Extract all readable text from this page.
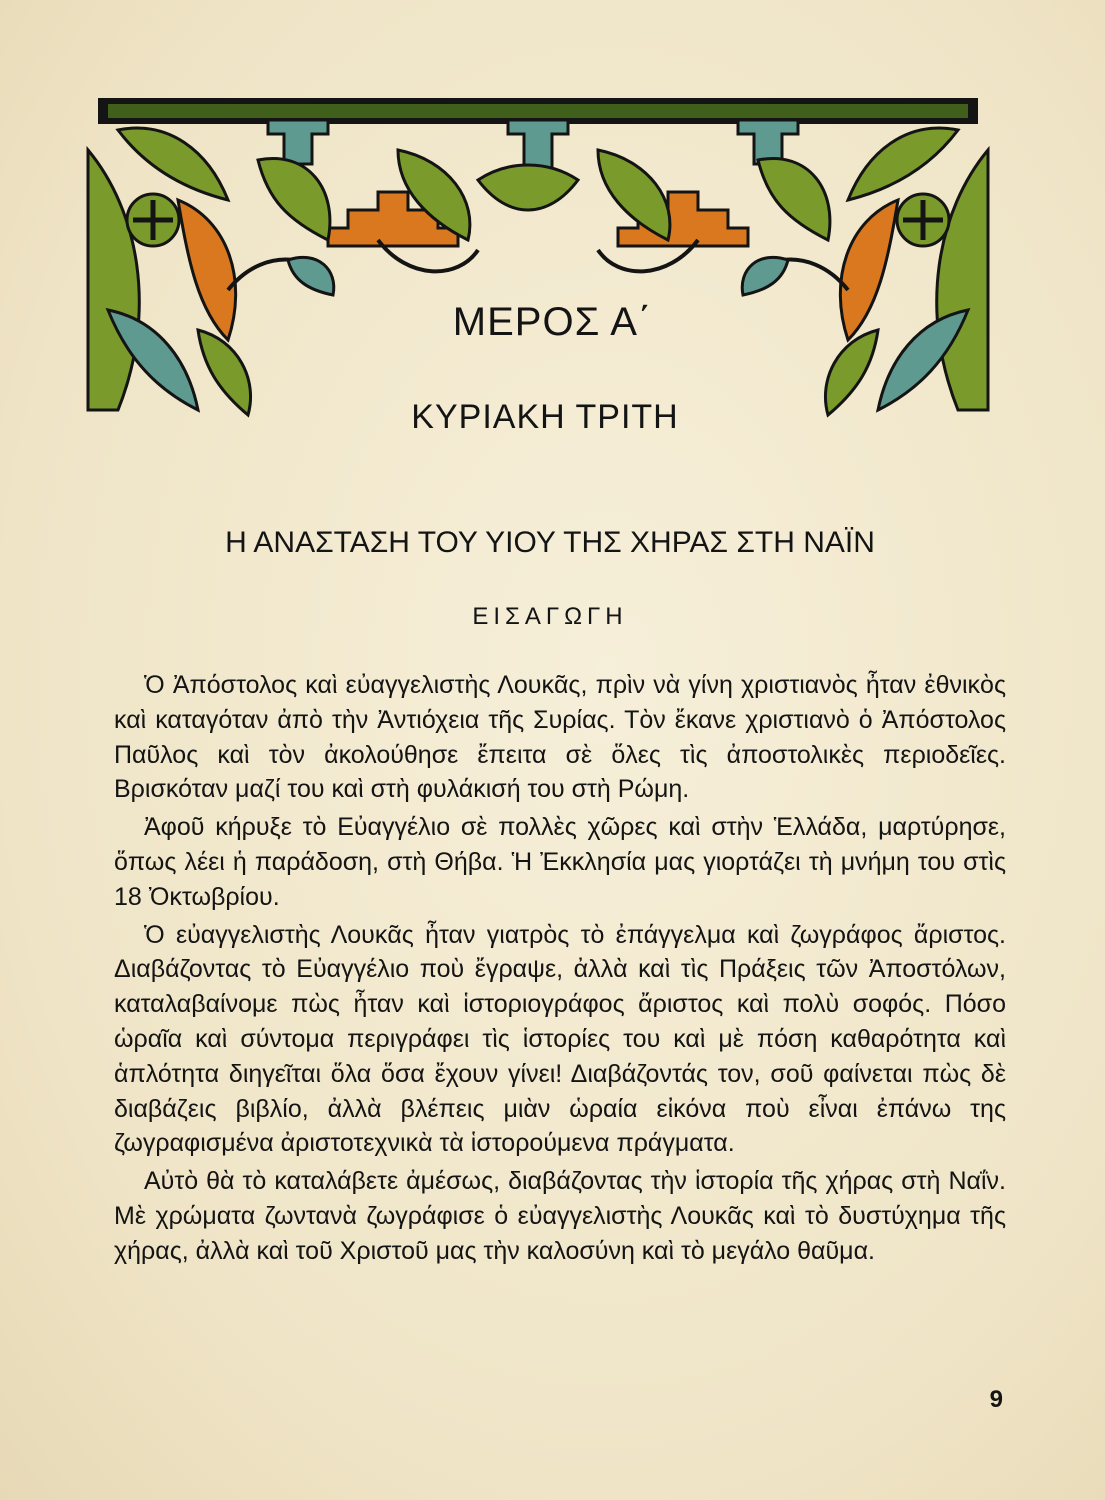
ΜΕΡΟΣ Α΄
ΚΥΡΙΑΚΗ ΤΡΙΤΗ
Η ΑΝΑΣΤΑΣΗ ΤΟΥ ΥΙΟΥ ΤΗΣ ΧΗΡΑΣ ΣΤΗ ΝΑΪΝ
ΕΙΣΑΓΩΓΗ

Ὁ Ἀπόστολος καὶ εὐαγγελιστὴς Λουκᾶς, πρὶν νὰ γίνη χριστιανὸς ἦταν ἐθνικὸς καὶ καταγόταν ἀπὸ τὴν Ἀντιόχεια τῆς Συρίας. Τὸν ἔκανε χριστιανὸ ὁ Ἀπόστολος Παῦλος καὶ τὸν ἀκολούθησε ἔπειτα σὲ ὅλες τὶς ἀποστολικὲς περιοδεῖες. Βρισκόταν μαζί του καὶ στὴ φυλάκισή του στὴ Ρώμη.

Ἀφοῦ κήρυξε τὸ Εὐαγγέλιο σὲ πολλὲς χῶρες καὶ στὴν Ἑλλάδα, μαρτύρησε, ὅπως λέει ἡ παράδοση, στὴ Θήβα. Ἡ Ἐκκλησία μας γιορτάζει τὴ μνήμη του στὶς 18 Ὀκτωβρίου.

Ὁ εὐαγγελιστὴς Λουκᾶς ἦταν γιατρὸς τὸ ἐπάγγελμα καὶ ζωγράφος ἄριστος. Διαβάζοντας τὸ Εὐαγγέλιο ποὺ ἔγραψε, ἀλλὰ καὶ τὶς Πράξεις τῶν Ἀποστόλων, καταλαβαίνομε πὼς ἦταν καὶ ἱστοριογράφος ἄριστος καὶ πολὺ σοφός. Πόσο ὡραῖα καὶ σύντομα περιγράφει τὶς ἱστορίες του καὶ μὲ πόση καθαρότητα καὶ ἁπλότητα διηγεῖται ὅλα ὅσα ἔχουν γίνει! Διαβάζοντάς τον, σοῦ φαίνεται πὼς δὲ διαβάζεις βιβλίο, ἀλλὰ βλέπεις μιὰν ὡραία εἰκόνα ποὺ εἶναι ἐπάνω της ζωγραφισμένα ἀριστοτεχνικὰ τὰ ἱστορούμενα πράγματα.

Αὐτὸ θὰ τὸ καταλάβετε ἀμέσως, διαβάζοντας τὴν ἱστορία τῆς χήρας στὴ Ναΐν. Μὲ χρώματα ζωντανὰ ζωγράφισε ὁ εὐαγγελιστὴς Λουκᾶς καὶ τὸ δυστύχημα τῆς χήρας, ἀλλὰ καὶ τοῦ Χριστοῦ μας τὴν καλοσύνη καὶ τὸ μεγάλο θαῦμα.

9
